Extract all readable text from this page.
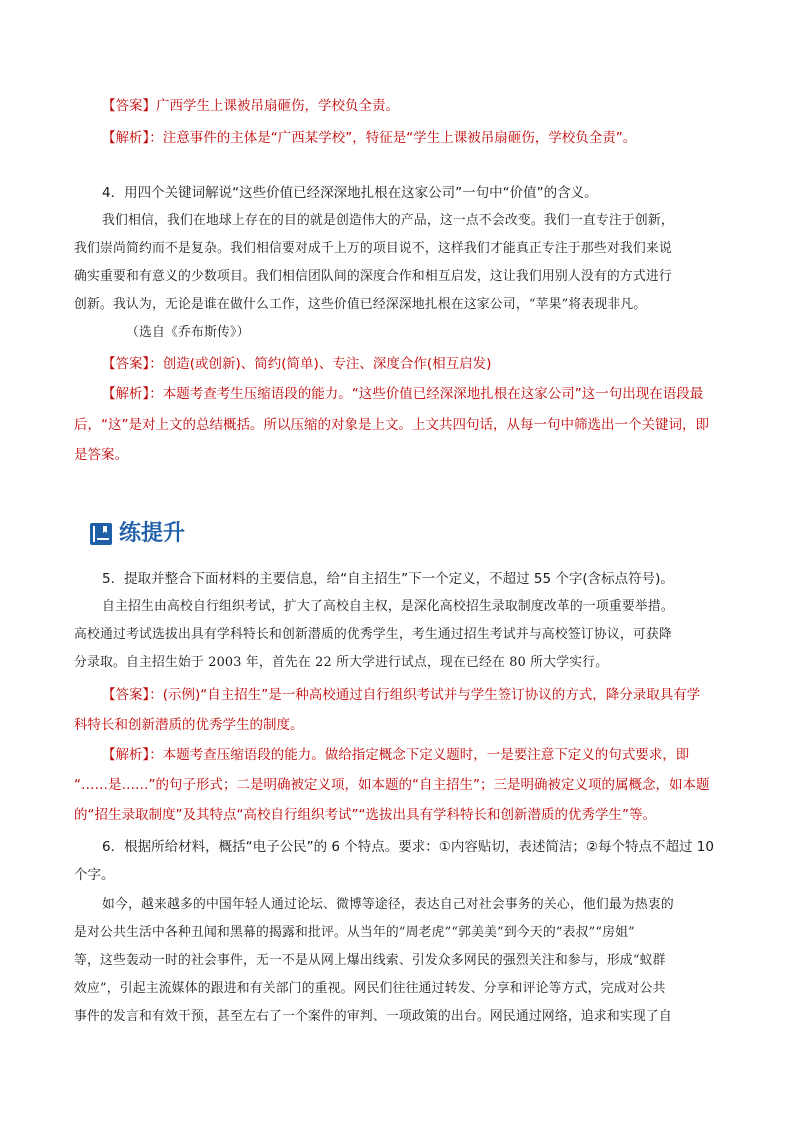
【答案】广西学生上课被吊扇砸伤，学校负全责。
【解析】：注意事件的主体是“广西某学校”，特征是“学生上课被吊扇砸伤，学校负全责”。
4．用四个关键词解说“这些价值已经深深地扎根在这家公司”一句中“价值”的含义。
我们相信，我们在地球上存在的目的就是创造伟大的产品，这一点不会改变。我们一直专注于创新，
我们崇尚简约而不是复杂。我们相信要对成千上万的项目说不，这样我们才能真正专注于那些对我们来说
确实重要和有意义的少数项目。我们相信团队间的深度合作和相互启发，这让我们用别人没有的方式进行
创新。我认为，无论是谁在做什么工作，这些价值已经深深地扎根在这家公司，“苹果”将表现非凡。
（选自《乔布斯传》）
【答案】：创造(或创新)、简约(简单)、专注、深度合作(相互启发)
【解析】：本题考查考生压缩语段的能力。“这些价值已经深深地扎根在这家公司”这一句出现在语段最
后，“这”是对上文的总结概括。所以压缩的对象是上文。上文共四句话，从每一句中筛选出一个关键词，即
是答案。
练提升
5．提取并整合下面材料的主要信息，给“自主招生”下一个定义，不超过 55 个字(含标点符号)。
自主招生由高校自行组织考试，扩大了高校自主权，是深化高校招生录取制度改革的一项重要举措。
高校通过考试选拔出具有学科特长和创新潜质的优秀学生，考生通过招生考试并与高校签订协议，可获降
分录取。自主招生始于 2003 年，首先在 22 所大学进行试点，现在已经在 80 所大学实行。
【答案】：(示例)“自主招生”是一种高校通过自行组织考试并与学生签订协议的方式，降分录取具有学
科特长和创新潜质的优秀学生的制度。
【解析】：本题考查压缩语段的能力。做给指定概念下定义题时，一是要注意下定义的句式要求，即
“……是……”的句子形式；二是明确被定义项，如本题的“自主招生”；三是明确被定义项的属概念，如本题
的“招生录取制度”及其特点“高校自行组织考试”“选拔出具有学科特长和创新潜质的优秀学生”等。
6．根据所给材料，概括“电子公民”的 6 个特点。要求：①内容贴切，表述简洁；②每个特点不超过 10
个字。
如今，越来越多的中国年轻人通过论坛、微博等途径，表达自己对社会事务的关心，他们最为热衷的
是对公共生活中各种丑闻和黑幕的揭露和批评。从当年的“周老虎”“郭美美”到今天的“表叔”“房姐”
等，这些轰动一时的社会事件，无一不是从网上爆出线索、引发众多网民的强烈关注和参与，形成“蚁群
效应”，引起主流媒体的跟进和有关部门的重视。网民们往往通过转发、分享和评论等方式，完成对公共
事件的发言和有效干预，甚至左右了一个案件的审判、一项政策的出台。网民通过网络，追求和实现了自
